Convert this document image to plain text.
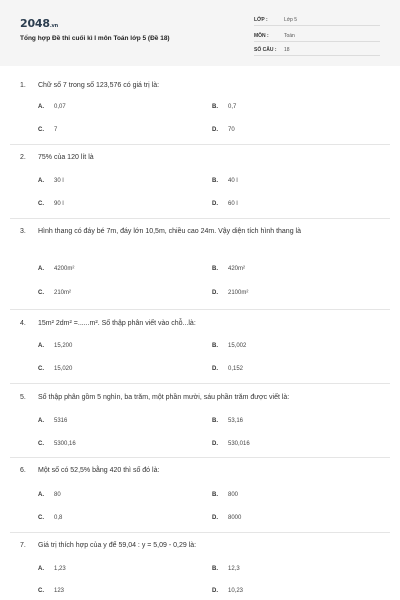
2048.vn
Tổng hợp Đề thi cuối kì I môn Toán lớp 5 (Đề 18)
LỚP :	Lớp 5
MÔN :	Toán
SỐ CÂU : 18
1.	Chữ số 7 trong số 123,576 có giá trị là:
A.	0,07	B.	0,7
C.	7	D.	70
2.	75% của 120 lít là
A.	30 l	B.	40 l
C.	90 l	D.	60 l
3.	Hình thang có đáy bé 7m, đáy lớn 10,5m, chiều cao 24m. Vậy diện tích hình thang là
A.	4200m²	B.	420m²
C.	210m²	D.	2100m²
4.	15m² 2dm² =......m². Số thập phân viết vào chỗ...là:
A.	15,200	B.	15,002
C.	15,020	D.	0,152
5.	Số thập phân gồm 5 nghìn, ba trăm, một phần mười, sáu phần trăm được viết là:
A.	5316	B.	53,16
C.	5300,16	D.	530,016
6.	Một số có 52,5% bằng 420 thì số đó là:
A.	80	B.	800
C.	0,8	D.	8000
7.	Giá trị thích hợp của y để 59,04 : y = 5,09 - 0,29 là:
A.	1,23	B.	12,3
C.	123	D.	10,23
